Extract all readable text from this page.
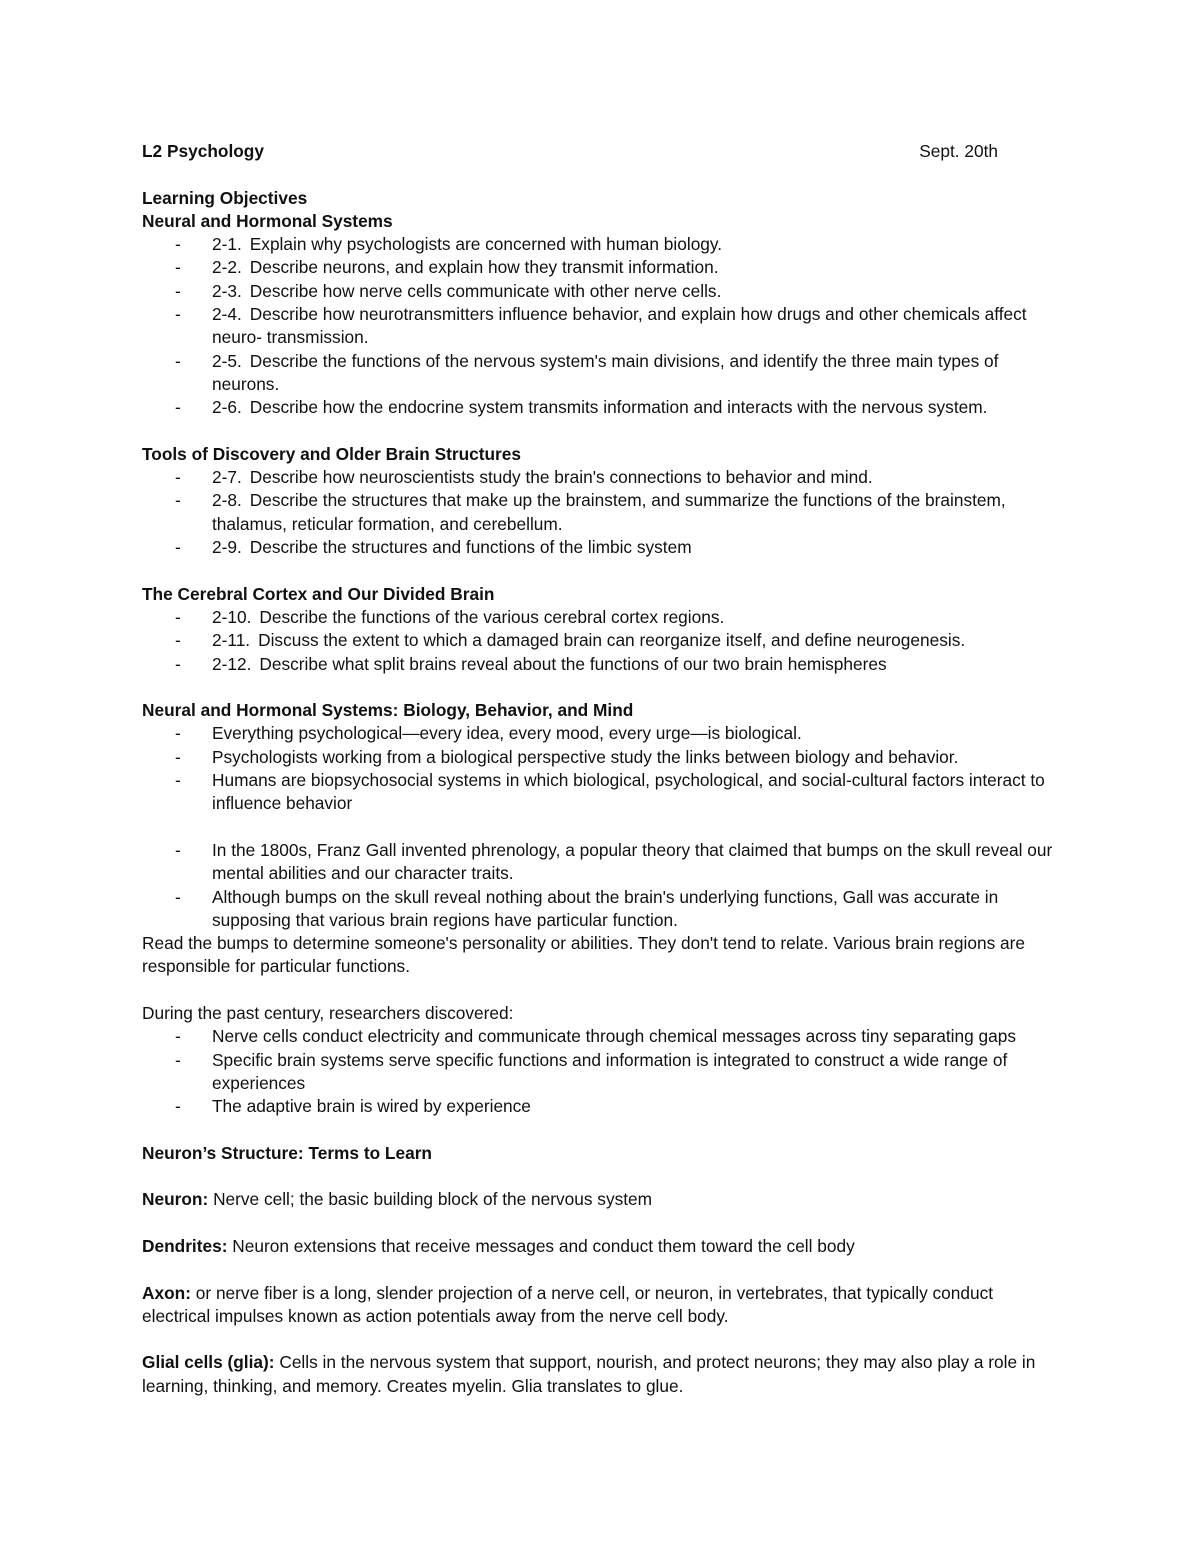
L2 Psychology	Sept. 20th
Learning Objectives
Neural and Hormonal Systems
- 2-1. Explain why psychologists are concerned with human biology.
- 2-2. Describe neurons, and explain how they transmit information.
- 2-3. Describe how nerve cells communicate with other nerve cells.
- 2-4. Describe how neurotransmitters influence behavior, and explain how drugs and other chemicals affect neuro- transmission.
- 2-5. Describe the functions of the nervous system's main divisions, and identify the three main types of neurons.
- 2-6. Describe how the endocrine system transmits information and interacts with the nervous system.
Tools of Discovery and Older Brain Structures
- 2-7. Describe how neuroscientists study the brain's connections to behavior and mind.
- 2-8. Describe the structures that make up the brainstem, and summarize the functions of the brainstem, thalamus, reticular formation, and cerebellum.
- 2-9. Describe the structures and functions of the limbic system
The Cerebral Cortex and Our Divided Brain
- 2-10. Describe the functions of the various cerebral cortex regions.
- 2-11. Discuss the extent to which a damaged brain can reorganize itself, and define neurogenesis.
- 2-12. Describe what split brains reveal about the functions of our two brain hemispheres
Neural and Hormonal Systems: Biology, Behavior, and Mind
- Everything psychological—every idea, every mood, every urge—is biological.
- Psychologists working from a biological perspective study the links between biology and behavior.
- Humans are biopsychosocial systems in which biological, psychological, and social-cultural factors interact to influence behavior
- In the 1800s, Franz Gall invented phrenology, a popular theory that claimed that bumps on the skull reveal our mental abilities and our character traits.
- Although bumps on the skull reveal nothing about the brain's underlying functions, Gall was accurate in supposing that various brain regions have particular function.

Read the bumps to determine someone's personality or abilities. They don't tend to relate. Various brain regions are responsible for particular functions.

During the past century, researchers discovered:

- Nerve cells conduct electricity and communicate through chemical messages across tiny separating gaps
- Specific brain systems serve specific functions and information is integrated to construct a wide range of experiences
- The adaptive brain is wired by experience
Neuron’s Structure: Terms to Learn

Neuron: Nerve cell; the basic building block of the nervous system

Dendrites: Neuron extensions that receive messages and conduct them toward the cell body

Axon: or nerve fiber is a long, slender projection of a nerve cell, or neuron, in vertebrates, that typically conduct electrical impulses known as action potentials away from the nerve cell body.

Glial cells (glia): Cells in the nervous system that support, nourish, and protect neurons; they may also play a role in learning, thinking, and memory. Creates myelin. Glia translates to glue.
